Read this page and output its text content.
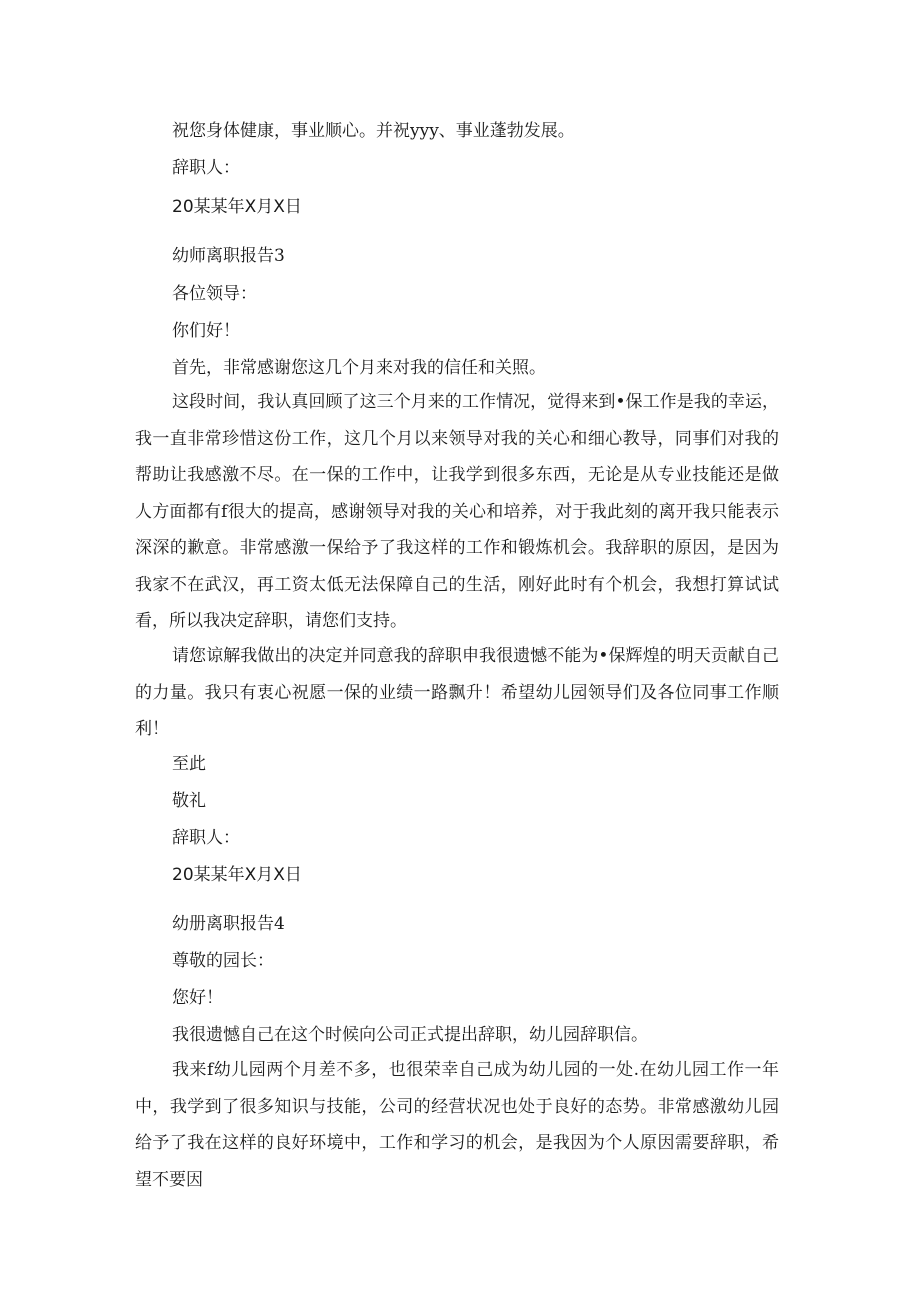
祝您身体健康，事业顺心。并祝yyy、事业蓬勃发展。
辞职人：
20某某年X月X日
幼师离职报告3
各位领导：
你们好！
首先，非常感谢您这几个月来对我的信任和关照。

这段时间，我认真回顾了这三个月来的工作情况，觉得来到•保工作是我的幸运，我一直非常珍惜这份工作，这几个月以来领导对我的关心和细心教导，同事们对我的帮助让我感激不尽。在一保的工作中，让我学到很多东西，无论是从专业技能还是做人方面都有f很大的提高，感谢领导对我的关心和培养，对于我此刻的离开我只能表示深深的歉意。非常感激一保给予了我这样的工作和锻炼机会。我辞职的原因，是因为我家不在武汉，再工资太低无法保障自己的生活，刚好此时有个机会，我想打算试试看，所以我决定辞职，请您们支持。

请您谅解我做出的决定并同意我的辞职申我很遗憾不能为•保辉煌的明天贡献自己的力量。我只有衷心祝愿一保的业绩一路飘升！希望幼儿园领导们及各位同事工作顺利！

至此
敬礼
辞职人：
20某某年X月X日
幼册离职报告4
尊敬的园长：
您好！
我很遗憾自己在这个时候向公司正式提出辞职，幼儿园辞职信。

我来f幼儿园两个月差不多，也很荣幸自己成为幼儿园的一处.在幼儿园工作一年中，我学到了很多知识与技能，公司的经营状况也处于良好的态势。非常感激幼儿园给予了我在这样的良好环境中，工作和学习的机会，是我因为个人原因需要辞职，希望不要因
